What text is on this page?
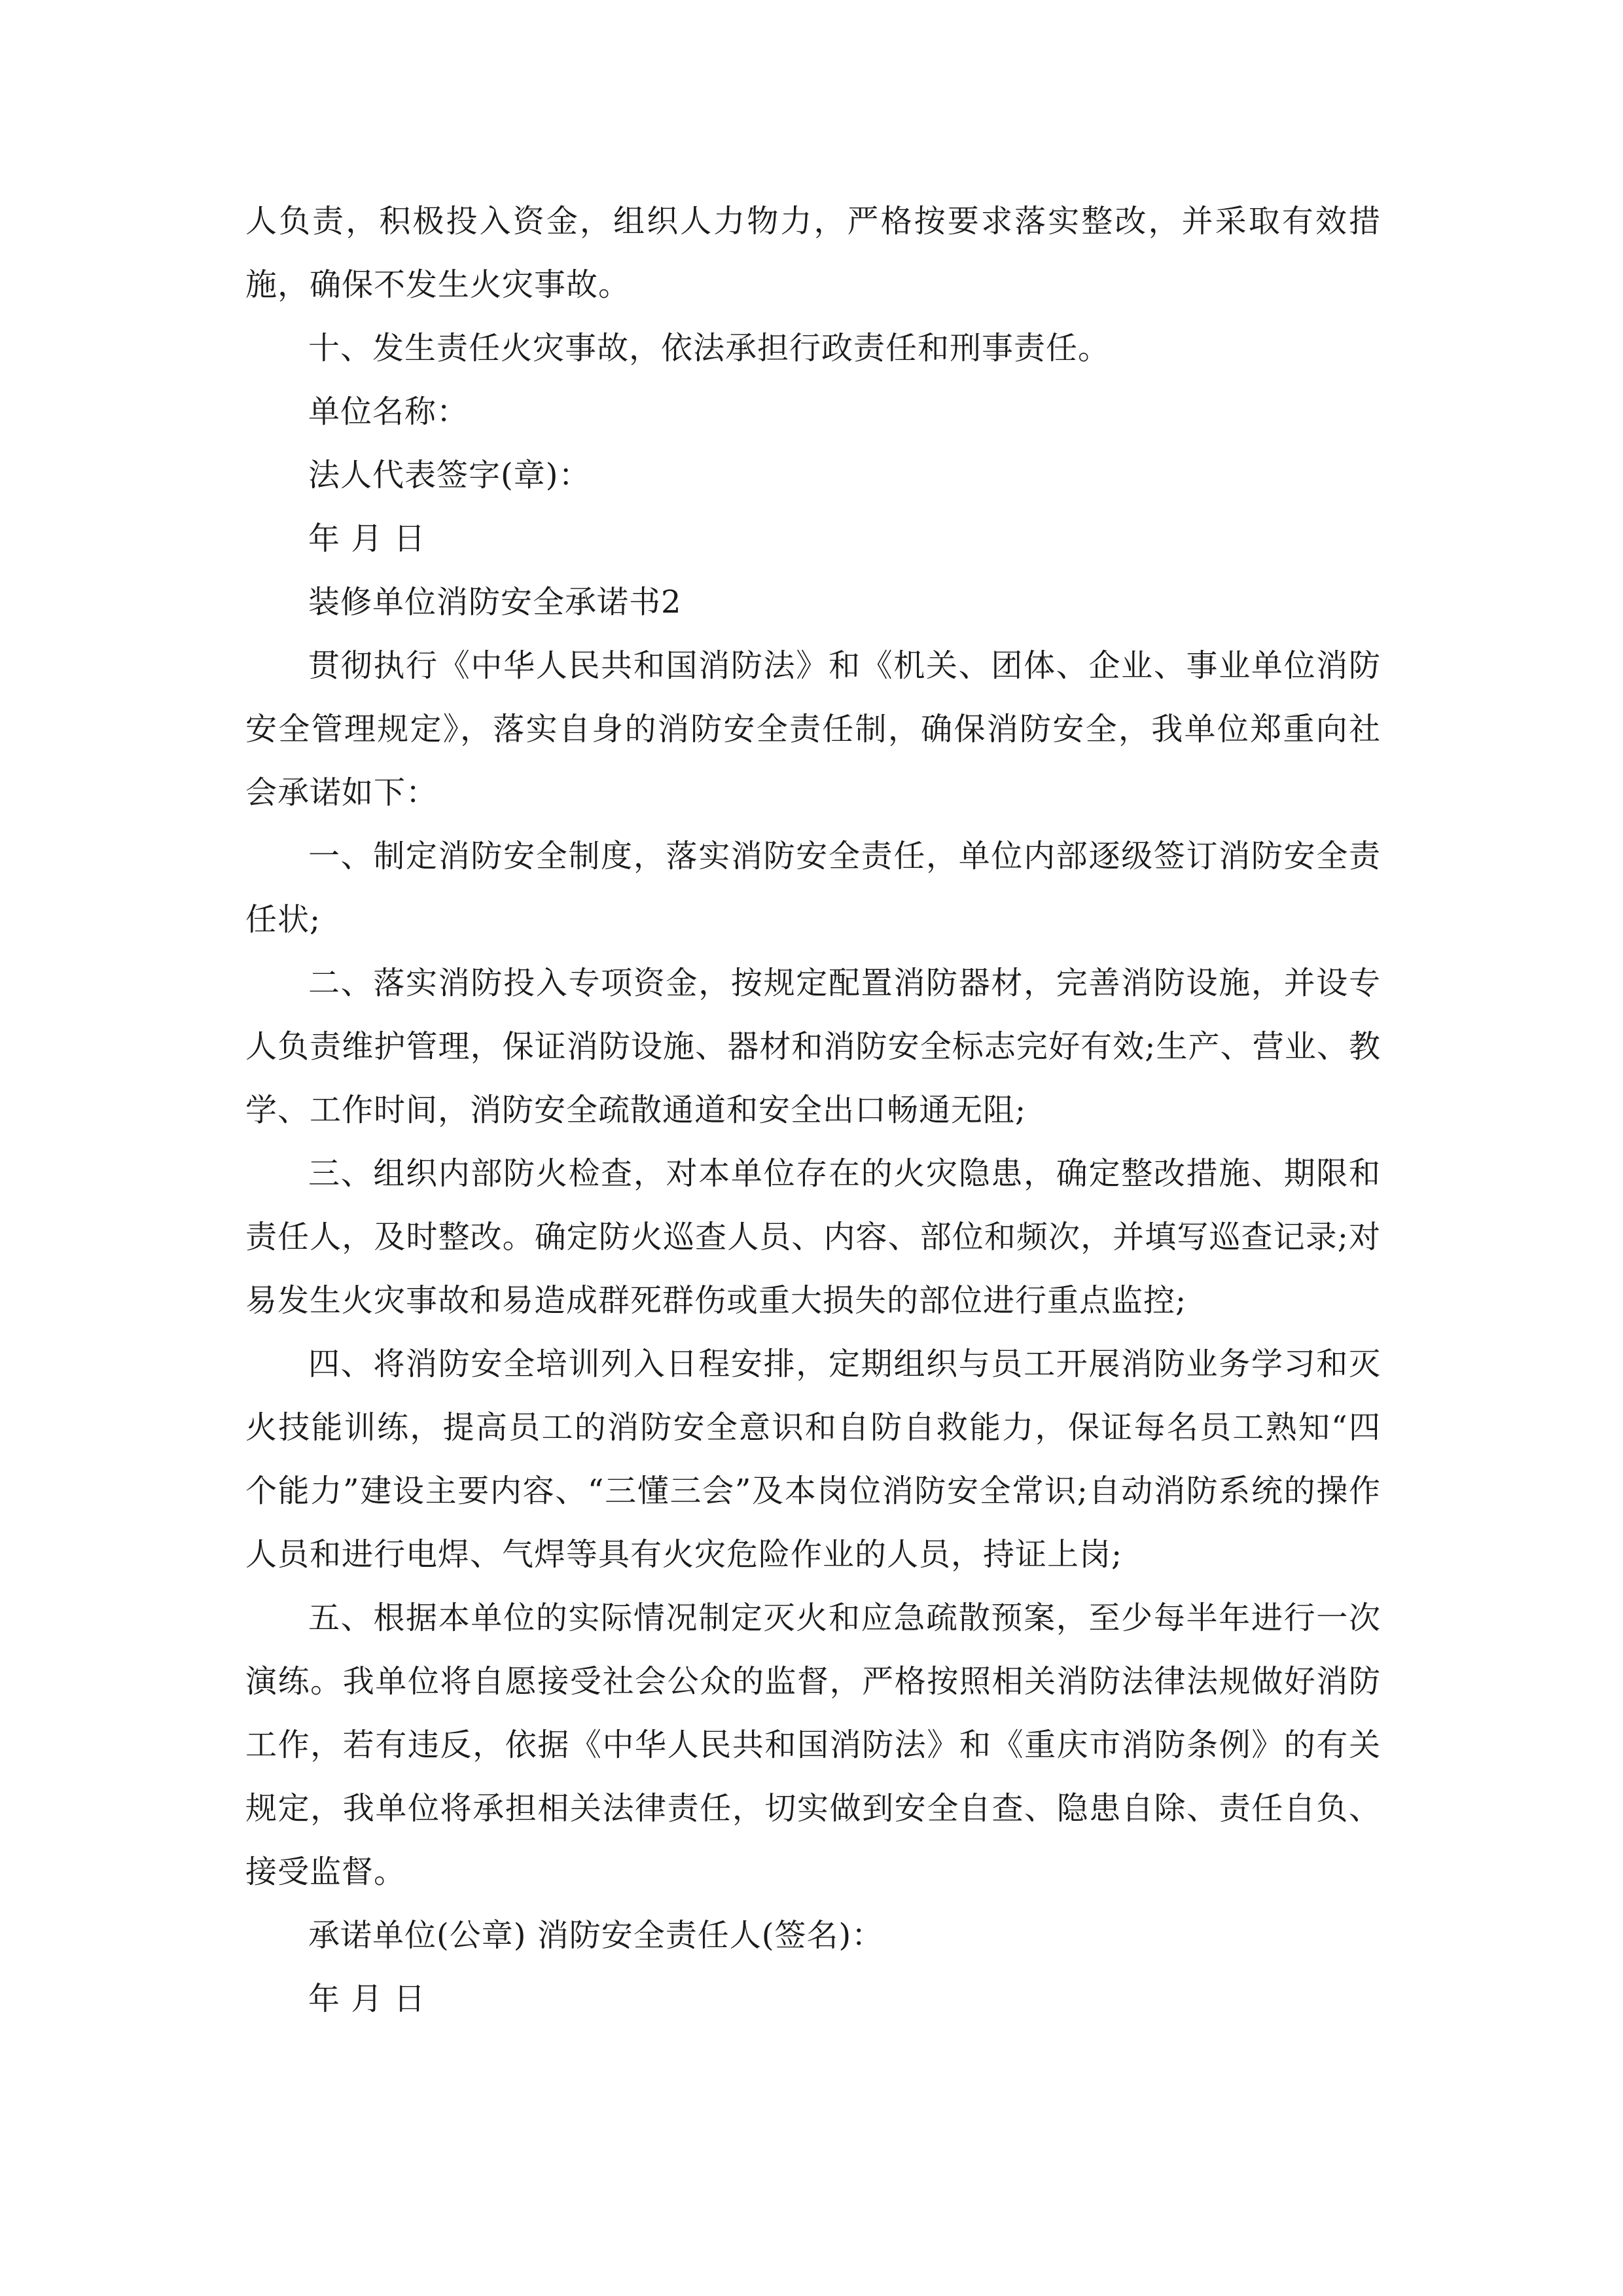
人负责，积极投入资金，组织人力物力，严格按要求落实整改，并采取有效措施，确保不发生火灾事故。

十、发生责任火灾事故，依法承担行政责任和刑事责任。

单位名称：

法人代表签字(章)：

年 月 日

装修单位消防安全承诺书2

贯彻执行《中华人民共和国消防法》和《机关、团体、企业、事业单位消防安全管理规定》，落实自身的消防安全责任制，确保消防安全，我单位郑重向社会承诺如下：

一、制定消防安全制度，落实消防安全责任，单位内部逐级签订消防安全责任状;

二、落实消防投入专项资金，按规定配置消防器材，完善消防设施，并设专人负责维护管理，保证消防设施、器材和消防安全标志完好有效;生产、营业、教学、工作时间，消防安全疏散通道和安全出口畅通无阻;

三、组织内部防火检查，对本单位存在的火灾隐患，确定整改措施、期限和责任人，及时整改。确定防火巡查人员、内容、部位和频次，并填写巡查记录;对易发生火灾事故和易造成群死群伤或重大损失的部位进行重点监控;

四、将消防安全培训列入日程安排，定期组织与员工开展消防业务学习和灭火技能训练，提高员工的消防安全意识和自防自救能力，保证每名员工熟知“四个能力”建设主要内容、“三懂三会”及本岗位消防安全常识;自动消防系统的操作人员和进行电焊、气焊等具有火灾危险作业的人员，持证上岗;

五、根据本单位的实际情况制定灭火和应急疏散预案，至少每半年进行一次演练。我单位将自愿接受社会公众的监督，严格按照相关消防法律法规做好消防工作，若有违反，依据《中华人民共和国消防法》和《重庆市消防条例》的有关规定，我单位将承担相关法律责任，切实做到安全自查、隐患自除、责任自负、接受监督。

承诺单位(公章) 消防安全责任人(签名)：

年 月 日
